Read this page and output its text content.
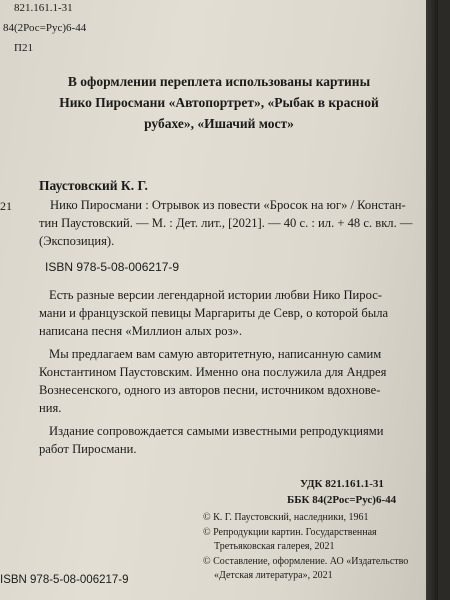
821.161.1-31
84(2Рос=Рус)6-44
П21
В оформлении переплета использованы картины
Нико Пиросмани «Автопортрет», «Рыбак в красной
рубахе», «Ишачий мост»
21
Паустовский К. Г.
Нико Пиросмани : Отрывок из повести «Бросок на юг» / Констан-
тин Паустовский. — М. : Дет. лит., [2021]. — 40 с. : ил. + 48 с. вкл. —
(Экспозиция).
ISBN 978-5-08-006217-9
Есть разные версии легендарной истории любви Нико Пирос-
мани и французской певицы Маргариты де Севр, о которой была
написана песня «Миллион алых роз».
Мы предлагаем вам самую авторитетную, написанную самим
Константином Паустовским. Именно она послужила для Андрея
Вознесенского, одного из авторов песни, источником вдохнове-
ния.
Издание сопровождается самыми известными репродукциями
работ Пиросмани.
УДК 821.161.1-31
ББК 84(2Рос=Рус)6-44
ISBN 978-5-08-006217-9
© К. Г. Паустовский, наследники, 1961
© Репродукции картин. Государственная
Третьяковская галерея, 2021
© Составление, оформление. АО «Издательство
«Детская литература», 2021
